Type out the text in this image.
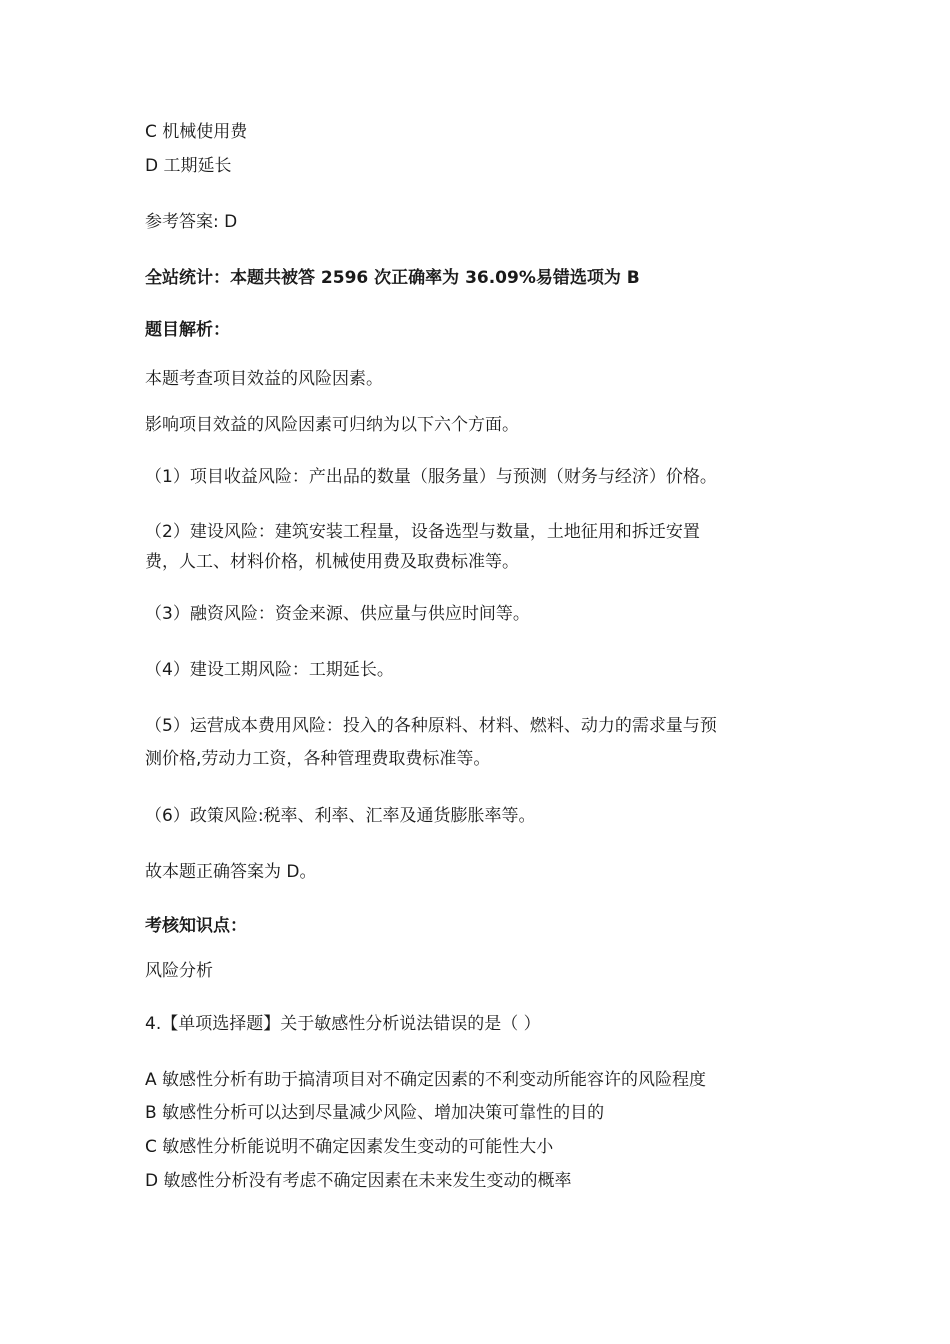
C 机械使用费
D 工期延长
参考答案: D
全站统计：本题共被答 2596 次正确率为 36.09%易错选项为 B
题目解析：
本题考查项目效益的风险因素。
影响项目效益的风险因素可归纳为以下六个方面。
（1）项目收益风险：产出品的数量（服务量）与预测（财务与经济）价格。
（2）建设风险：建筑安装工程量，设备选型与数量，土地征用和拆迁安置
费，人工、材料价格，机械使用费及取费标准等。
（3）融资风险：资金来源、供应量与供应时间等。
（4）建设工期风险：工期延长。
（5）运营成本费用风险：投入的各种原料、材料、燃料、动力的需求量与预
测价格,劳动力工资，各种管理费取费标准等。
（6）政策风险:税率、利率、汇率及通货膨胀率等。
故本题正确答案为 D。
考核知识点：
风险分析
4.【单项选择题】关于敏感性分析说法错误的是（ ）
A 敏感性分析有助于搞清项目对不确定因素的不利变动所能容许的风险程度
B 敏感性分析可以达到尽量减少风险、增加决策可靠性的目的
C 敏感性分析能说明不确定因素发生变动的可能性大小
D 敏感性分析没有考虑不确定因素在未来发生变动的概率
